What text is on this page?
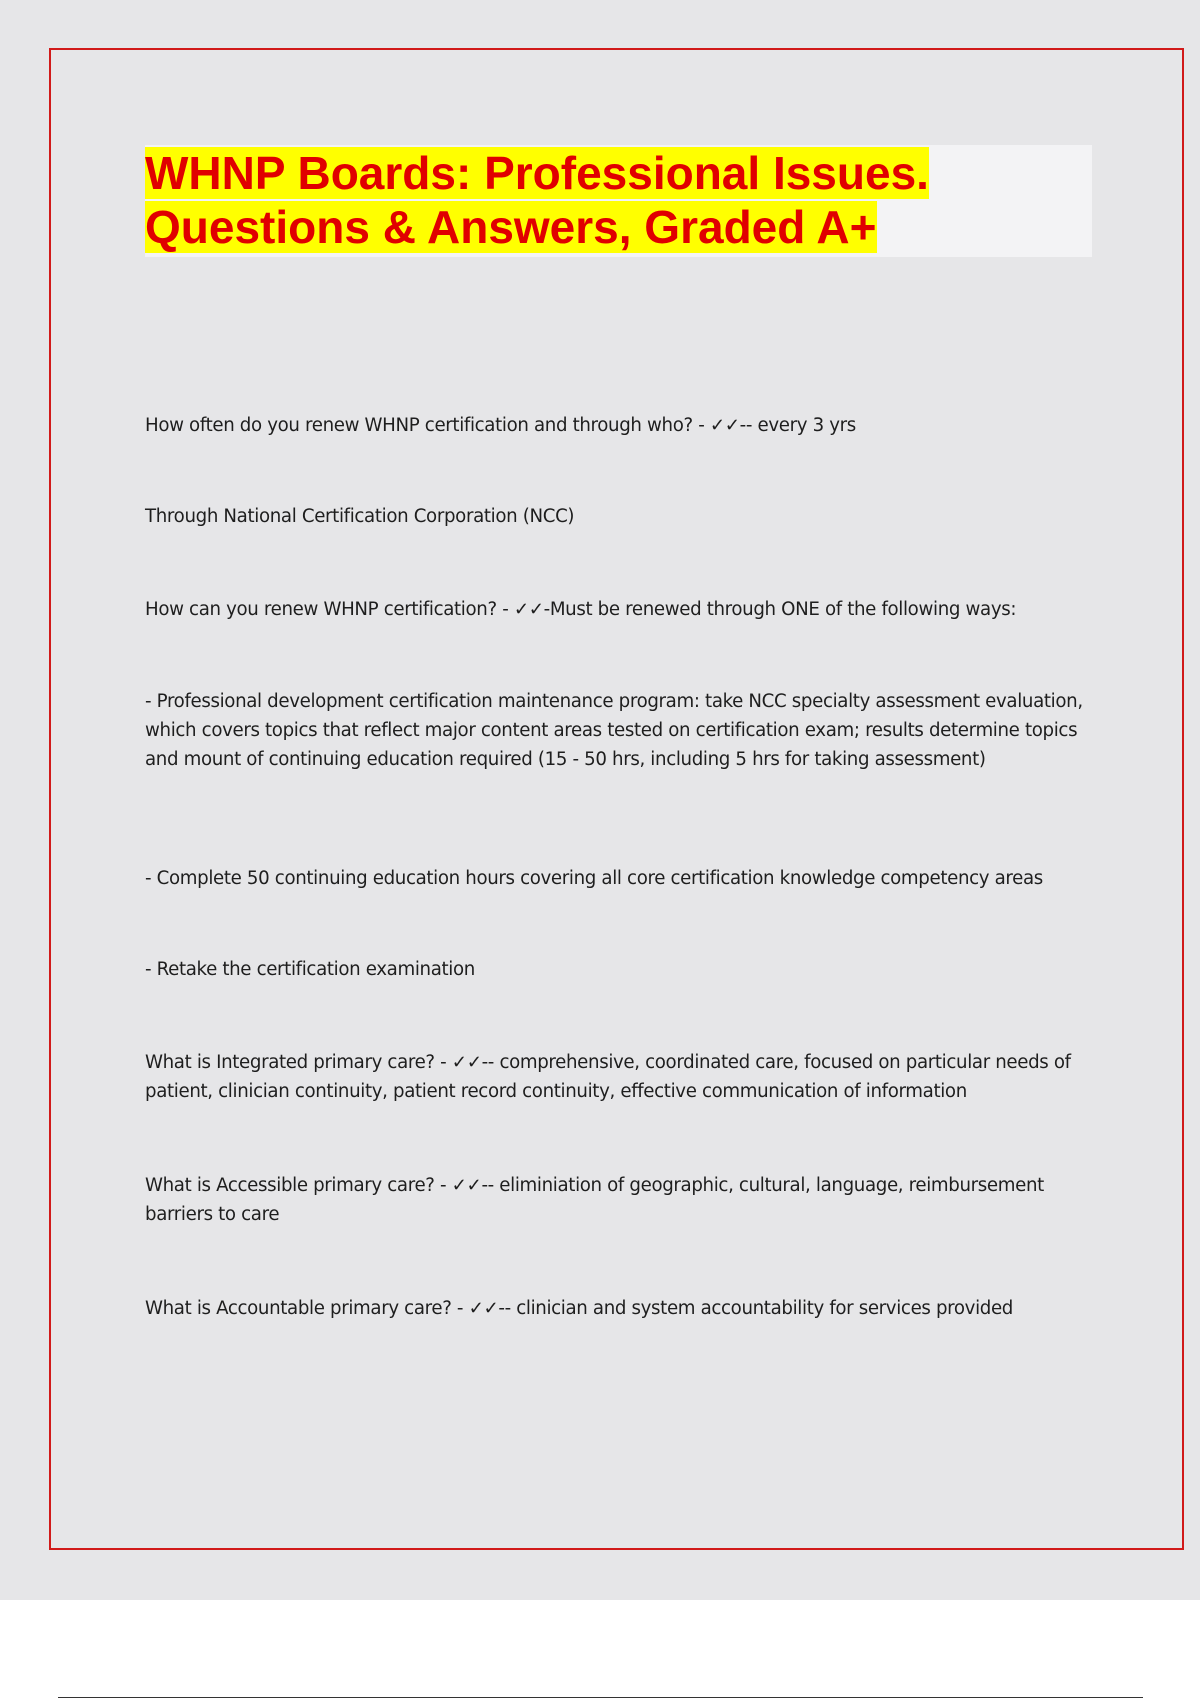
WHNP Boards: Professional Issues.
Questions & Answers, Graded A+

How often do you renew WHNP certification and through who? - ✓✓-- every 3 yrs

Through National Certification Corporation (NCC)

How can you renew WHNP certification? - ✓✓-Must be renewed through ONE of the following ways:

- Professional development certification maintenance program: take NCC specialty assessment evaluation, which covers topics that reflect major content areas tested on certification exam; results determine topics and mount of continuing education required (15 - 50 hrs, including 5 hrs for taking assessment)

- Complete 50 continuing education hours covering all core certification knowledge competency areas

- Retake the certification examination

What is Integrated primary care? - ✓✓-- comprehensive, coordinated care, focused on particular needs of patient, clinician continuity, patient record continuity, effective communication of information

What is Accessible primary care? - ✓✓-- eliminiation of geographic, cultural, language, reimbursement barriers to care

What is Accountable primary care? - ✓✓-- clinician and system accountability for services provided
